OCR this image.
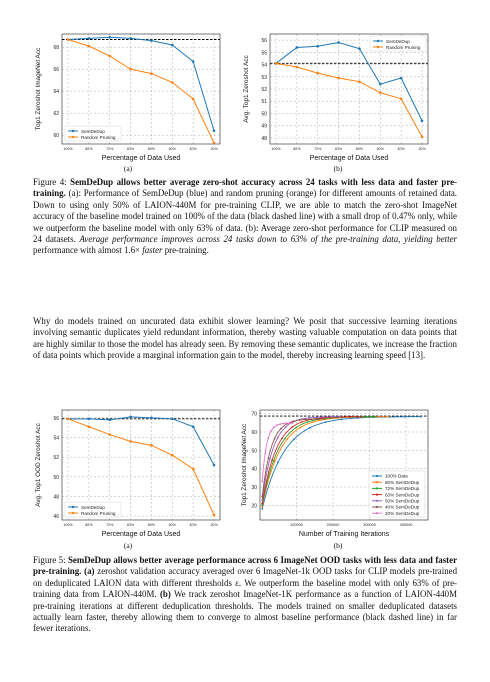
60
62
64
66
68
100%	80%	72%	63%	60%	50%	40%	20%
Percentage of Data Used
Top1 Zeroshot ImageNet Acc
SemDeDup
Random Pruning	48
49
50
51
52
53
54
55
56
100%	80%	72%	63%	60%	50%	40%	20%
Percentage of Data Used
Avg. Top1 Zeroshot Acc
SemDeDup
Random Pruning
(a)	(b)

Figure 4: SemDeDup allows better average zero-shot accuracy across 24 tasks with less data and faster pre-training. (a): Performance of SemDeDup (blue) and random pruning (orange) for different amounts of retained data. Down to using only 50% of LAION-440M for pre-training CLIP, we are able to match the zero-shot ImageNet accuracy of the baseline model trained on 100% of the data (black dashed line) with a small drop of 0.47% only, while we outperform the baseline model with only 63% of data. (b): Average zero-shot performance for CLIP measured on 24 datasets. Average performance improves across 24 tasks down to 63% of the pre-training data, yielding better performance with almost 1.6× faster pre-training.

Why do models trained on uncurated data exhibit slower learning? We posit that successive learning iterations involving semantic duplicates yield redundant information, thereby wasting valuable computation on data points that are highly similar to those the model has already seen. By removing these semantic duplicates, we increase the fraction of data points which provide a marginal information gain to the model, thereby increasing learning speed [13].

46
48
50
52
54
56
100%	80%	72%	63%	60%	50%	40%	20%
Percentage of Data Used
Avg. Top1 OOD Zeroshot Acc
SemDeDup
Random Pruning
100000	200000	300000	400000
20
30
40
50
60
70
Number of Training Iterations
Top1 Zeroshot ImageNet Acc	100% Data
80% SemDeDup
72% SemDeDup
63% SemDeDup
50% SemDeDup
40% SemDeDup
20% SemDeDup
(a)	(b)

Figure 5: SemDeDup allows better average performance across 6 ImageNet OOD tasks with less data and faster pre-training. (a) zeroshot validation accuracy averaged over 6 ImageNet-1k OOD tasks for CLIP models pre-trained on deduplicated LAION data with different thresholds ε. We outperform the baseline model with only 63% of pre-training data from LAION-440M. (b) We track zeroshot ImageNet-1K performance as a function of LAION-440M pre-training iterations at different deduplication thresholds. The models trained on smaller deduplicated datasets actually learn faster, thereby allowing them to converge to almost baseline performance (black dashed line) in far fewer iterations.
